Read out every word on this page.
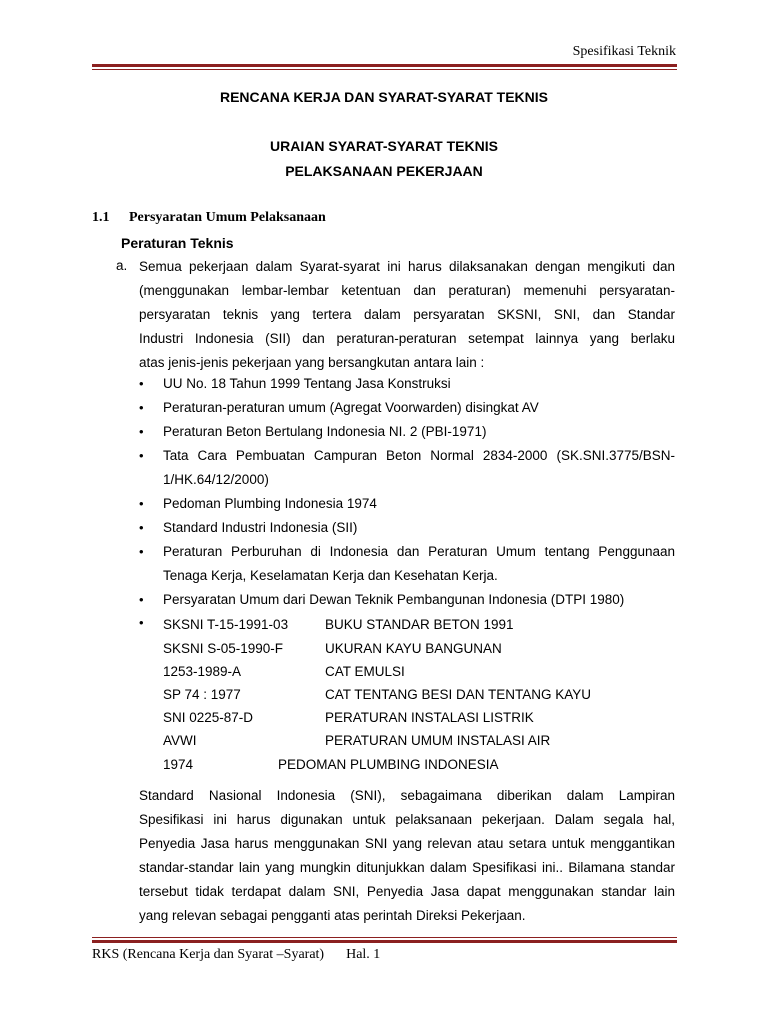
Spesifikasi Teknik
RENCANA KERJA DAN SYARAT-SYARAT TEKNIS
URAIAN SYARAT-SYARAT TEKNIS
PELAKSANAAN PEKERJAAN
1.1 Persyaratan Umum Pelaksanaan
Peraturan Teknis
a. Semua pekerjaan dalam Syarat-syarat ini harus dilaksanakan dengan mengikuti dan
(menggunakan lembar-lembar ketentuan dan peraturan) memenuhi persyaratan-
persyaratan teknis yang tertera dalam persyaratan SKSNI, SNI, dan Standar
Industri Indonesia (SII) dan peraturan-peraturan setempat lainnya yang berlaku
atas jenis-jenis pekerjaan yang bersangkutan antara lain :
• UU No. 18 Tahun 1999 Tentang Jasa Konstruksi
• Peraturan-peraturan umum (Agregat Voorwarden) disingkat AV
• Peraturan Beton Bertulang Indonesia NI. 2 (PBI-1971)
• Tata Cara Pembuatan Campuran Beton Normal 2834-2000 (SK.SNI.3775/BSN-
1/HK.64/12/2000)
• Pedoman Plumbing Indonesia 1974
• Standard Industri Indonesia (SII)
• Peraturan Perburuhan di Indonesia dan Peraturan Umum tentang Penggunaan
Tenaga Kerja, Keselamatan Kerja dan Kesehatan Kerja.
• Persyaratan Umum dari Dewan Teknik Pembangunan Indonesia (DTPI 1980)
• SKSNI T-15-1991-03	BUKU STANDAR BETON 1991
SKSNI S-05-1990-F	UKURAN KAYU BANGUNAN
1253-1989-A	CAT EMULSI
SP 74 : 1977	CAT TENTANG BESI DAN TENTANG KAYU
SNI 0225-87-D	PERATURAN INSTALASI LISTRIK
AVWI	PERATURAN UMUM INSTALASI AIR
1974	PEDOMAN PLUMBING INDONESIA
Standard Nasional Indonesia (SNI), sebagaimana diberikan dalam Lampiran
Spesifikasi ini harus digunakan untuk pelaksanaan pekerjaan. Dalam segala hal,
Penyedia Jasa harus menggunakan SNI yang relevan atau setara untuk menggantikan
standar-standar lain yang mungkin ditunjukkan dalam Spesifikasi ini.. Bilamana standar
tersebut tidak terdapat dalam SNI, Penyedia Jasa dapat menggunakan standar lain
yang relevan sebagai pengganti atas perintah Direksi Pekerjaan.
RKS (Rencana Kerja dan Syarat –Syarat) Hal. 1
